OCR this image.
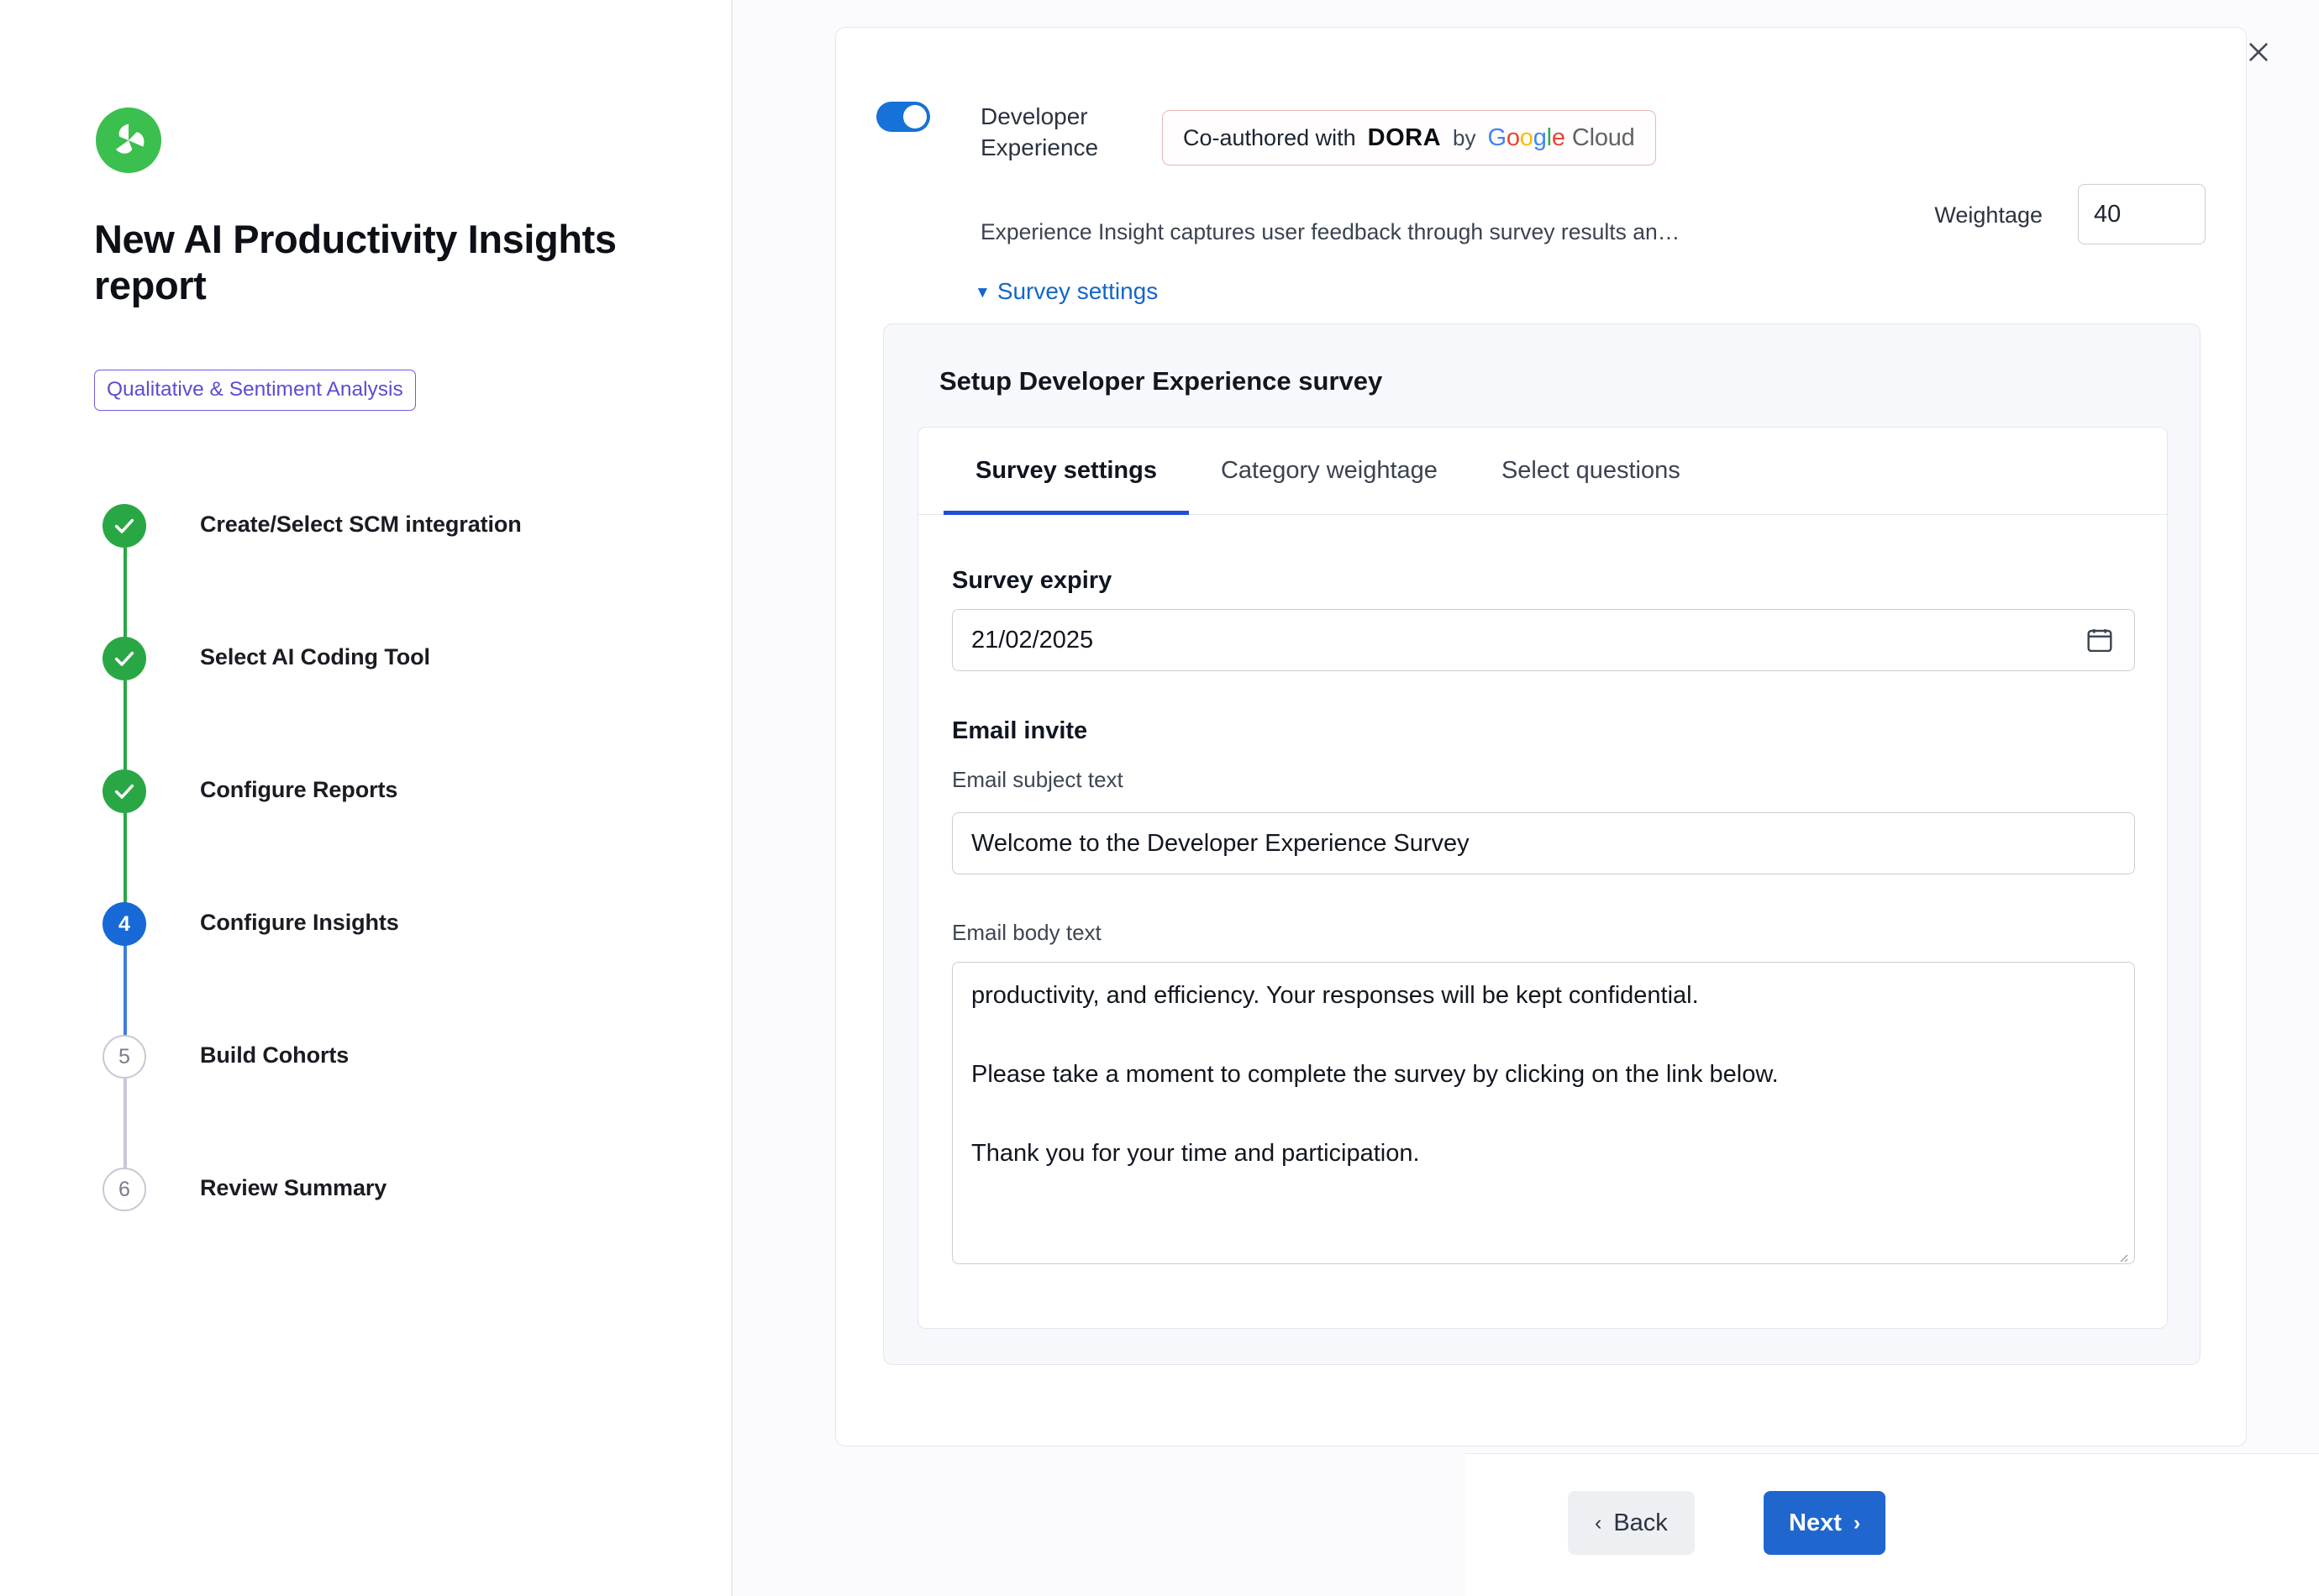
New AI Productivity Insights report
Qualitative & Sentiment Analysis
Create/Select SCM integration
Select AI Coding Tool
Configure Reports
4	Configure Insights
5	Build Cohorts
6	Review Summary
Developer Experience	Co-authored with DORA by Google Cloud
Experience Insight captures user feedback through survey results an…
Weightage
40
▼ Survey settings
Setup Developer Experience survey
Survey settings	Category weightage	Select questions
Survey expiry
21/02/2025
Email invite
Email subject text
Welcome to the Developer Experience Survey
Email body text
productivity, and efficiency. Your responses will be kept confidential. Please take a moment to complete the survey by clicking on the link below. Thank you for your time and participation.
‹ Back	Next ›
